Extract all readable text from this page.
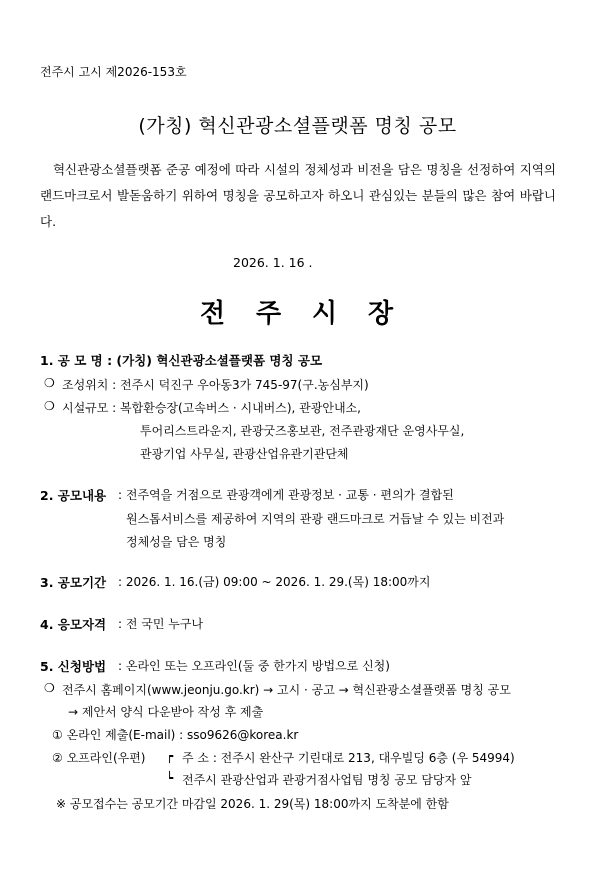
전주시 고시 제2026-153호
(가칭) 혁신관광소셜플랫폼 명칭 공모
　혁신관광소셜플랫폼 준공 예정에 따라 시설의 정체성과 비전을 담은 명칭을 선정하여 지역의 랜드마크로서 발돋움하기 위하여 명칭을 공모하고자 하오니 관심있는 분들의 많은 참여 바랍니다.
2026. 1. 16 .
전 주 시 장
1. 공 모 명 : (가칭) 혁신관광소셜플랫폼 명칭 공모
❍ 조성위치 : 전주시 덕진구 우아동3가 745-97(구.농심부지)
❍ 시설규모 : 복합환승장(고속버스 · 시내버스), 관광안내소,
투어리스트라운지, 관광굿즈홍보관, 전주관광재단 운영사무실,
관광기업 사무실, 관광산업유관기관단체
2. 공모내용 : 전주역을 거점으로 관광객에게 관광정보 · 교통 · 편의가 결합된
원스톱서비스를 제공하여 지역의 관광 랜드마크로 거듭날 수 있는 비전과
정체성을 담은 명칭
3. 공모기간 : 2026. 1. 16.(금) 09:00 ~ 2026. 1. 29.(목) 18:00까지
4. 응모자격 : 전 국민 누구나
5. 신청방법 : 온라인 또는 오프라인(둘 중 한가지 방법으로 신청)
❍ 전주시 홈페이지(www.jeonju.go.kr) → 고시 · 공고 → 혁신관광소셜플랫폼 명칭 공모
→ 제안서 양식 다운받아 작성 후 제출
① 온라인 제출(E-mail) : sso9626@korea.kr
② 오프라인(우편) ┍ 주 소 : 전주시 완산구 기린대로 213, 대우빌딩 6층 (우 54994)
┕ 전주시 관광산업과 관광거점사업팀 명칭 공모 담당자 앞
※ 공모접수는 공모기간 마감일 2026. 1. 29(목) 18:00까지 도착분에 한함
